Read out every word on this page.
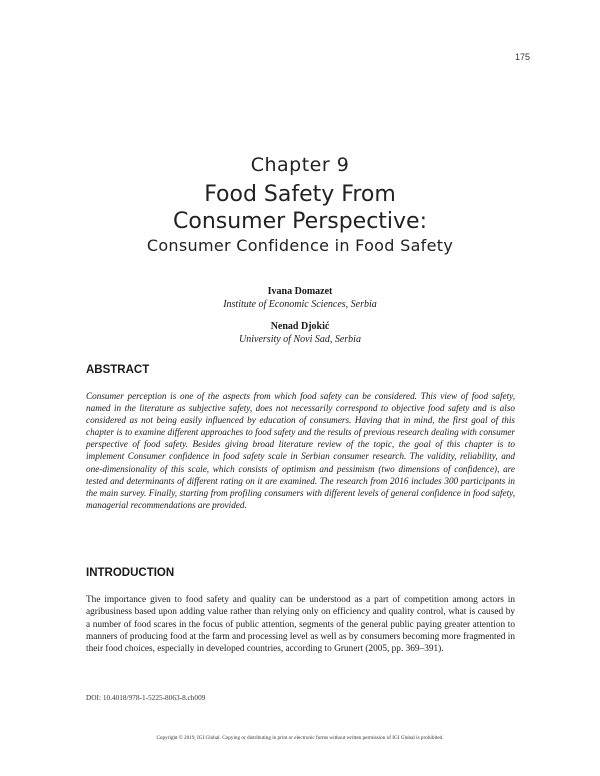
175
Chapter 9
Food Safety From
Consumer Perspective:
Consumer Confidence in Food Safety
Ivana Domazet
Institute of Economic Sciences, Serbia
Nenad Djokić
University of Novi Sad, Serbia
ABSTRACT

Consumer perception is one of the aspects from which food safety can be considered. This view of food safety, named in the literature as subjective safety, does not necessarily correspond to objective food safety and is also considered as not being easily influenced by education of consumers. Having that in mind, the first goal of this chapter is to examine different approaches to food safety and the results of previous research dealing with consumer perspective of food safety. Besides giving broad literature review of the topic, the goal of this chapter is to implement Consumer confidence in food safety scale in Serbian consumer research. The validity, reliability, and one-dimensionality of this scale, which consists of optimism and pessimism (two dimensions of confidence), are tested and determinants of different rating on it are examined. The research from 2016 includes 300 participants in the main survey. Finally, starting from profiling consumers with different levels of general confidence in food safety, managerial recommendations are provided.

INTRODUCTION

The importance given to food safety and quality can be understood as a part of competition among actors in agribusiness based upon adding value rather than relying only on efficiency and quality control, what is caused by a number of food scares in the focus of public attention, segments of the general public paying greater attention to manners of producing food at the farm and processing level as well as by consumers becoming more fragmented in their food choices, especially in developed countries, according to Grunert (2005, pp. 369–391).

DOI: 10.4018/978-1-5225-8063-8.ch009
Copyright © 2019, IGI Global. Copying or distributing in print or electronic forms without written permission of IGI Global is prohibited.
